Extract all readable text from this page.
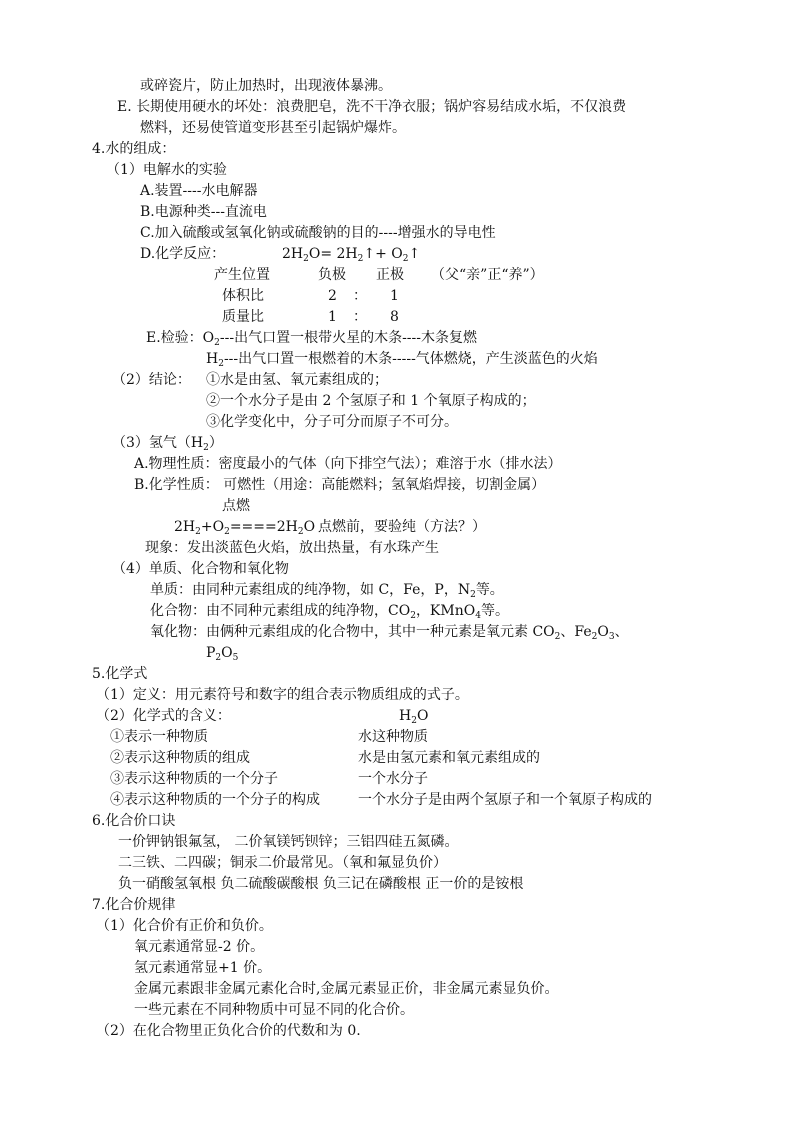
或碎瓷片，防止加热时，出现液体暴沸。
E. 长期使用硬水的坏处：浪费肥皂，洗不干净衣服；锅炉容易结成水垢，不仅浪费
燃料，还易使管道变形甚至引起锅炉爆炸。
4.水的组成：
（1）电解水的实验
A.装置----水电解器
B.电源种类---直流电
C.加入硫酸或氢氧化钠或硫酸钠的目的----增强水的导电性
D.化学反应：	$2H_2O=$ $2H_2↑+$ $O_2↑$
产生位置	负极 正极 （父“亲”正“养”）
体积比	2 ： 1
质量比	1 ： 8
E.检验：$O_2---$出气口置一根带火星的木条----木条复燃
$H_2---$出气口置一根燃着的木条-----气体燃烧，产生淡蓝色的火焰
（2）结论： ①水是由氢、氧元素组成的；
②一个水分子是由 2 个氢原子和 1 个氧原子构成的；
③化学变化中，分子可分而原子不可分。
（3）氢气$(H_2)$
A.物理性质：密度最小的气体（向下排空气法）；难溶于水（排水法）
B.化学性质： 可燃性（用途：高能燃料；氢氧焰焊接，切割金属）
点燃
$2H_2+O_2====2H_2O$ 点燃前，要验纯（方法？）
现象：发出淡蓝色火焰，放出热量，有水珠产生
（4）单质、化合物和氧化物
单质：由同种元素组成的纯净物，如 C，Fe，P，$N_2$等。
化合物：由不同种元素组成的纯净物，$CO_2$，KMnO$_4$等。
氧化物：由俩种元素组成的化合物中，其中一种元素是氧元素 $CO_2$、$Fe_2O_3$、
$P_2O_5$
5.化学式
（1）定义：用元素符号和数字的组合表示物质组成的式子。
（2）化学式的含义：	$H_2O$
①表示一种物质	水这种物质
②表示这种物质的组成	水是由氢元素和氧元素组成的
③表示这种物质的一个分子	一个水分子
④表示这种物质的一个分子的构成	一个水分子是由两个氢原子和一个氧原子构成的
6.化合价口诀
一价钾钠银氟氢， 二价氧镁钙钡锌；三铝四硅五氮磷。
二三铁、二四碳；铜汞二价最常见。（氧和氟显负价）
负一硝酸氢氧根 负二硫酸碳酸根 负三记在磷酸根 正一价的是铵根
7.化合价规律
（1）化合价有正价和负价。
氧元素通常显-2 价。
氢元素通常显+1 价。
金属元素跟非金属元素化合时,金属元素显正价，非金属元素显负价。
一些元素在不同种物质中可显不同的化合价。
（2）在化合物里正负化合价的代数和为 0.
